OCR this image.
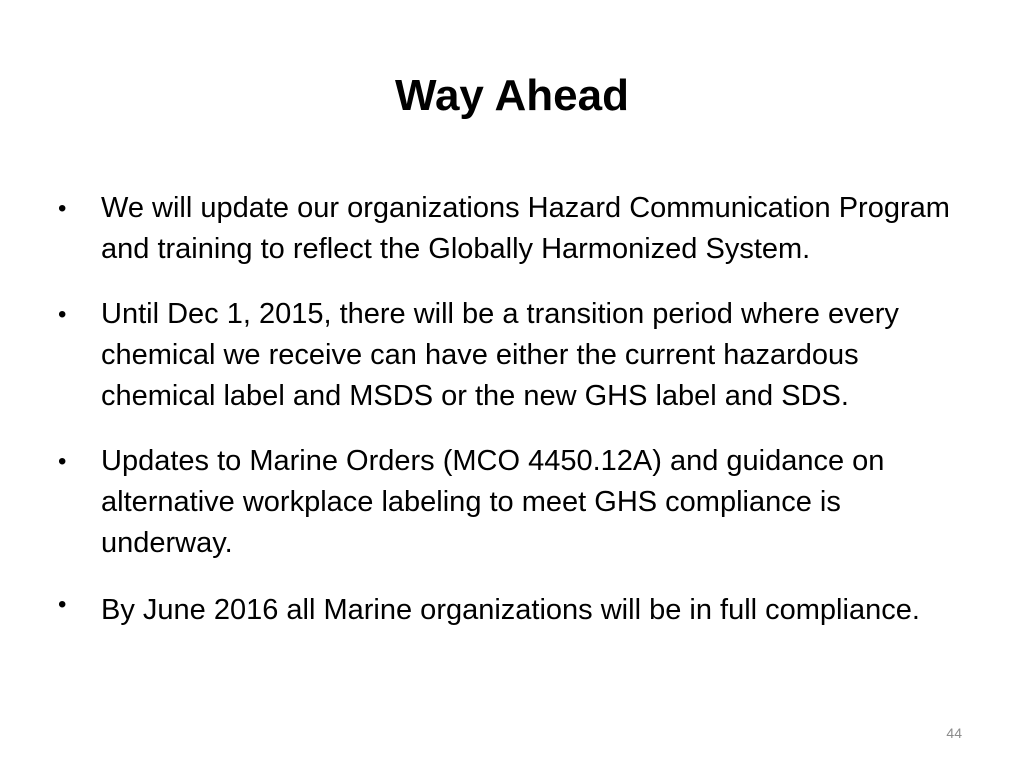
Way Ahead
•	We will update our organizations Hazard Communication Program and training to reflect the Globally Harmonized System.
•	Until Dec 1, 2015, there will be a transition period where every chemical we receive can have either the current hazardous chemical label and MSDS or the new GHS label and SDS.
•	Updates to Marine Orders (MCO 4450.12A) and guidance on alternative workplace labeling to meet GHS compliance is underway.
•	By June 2016 all Marine organizations will be in full compliance.
44
